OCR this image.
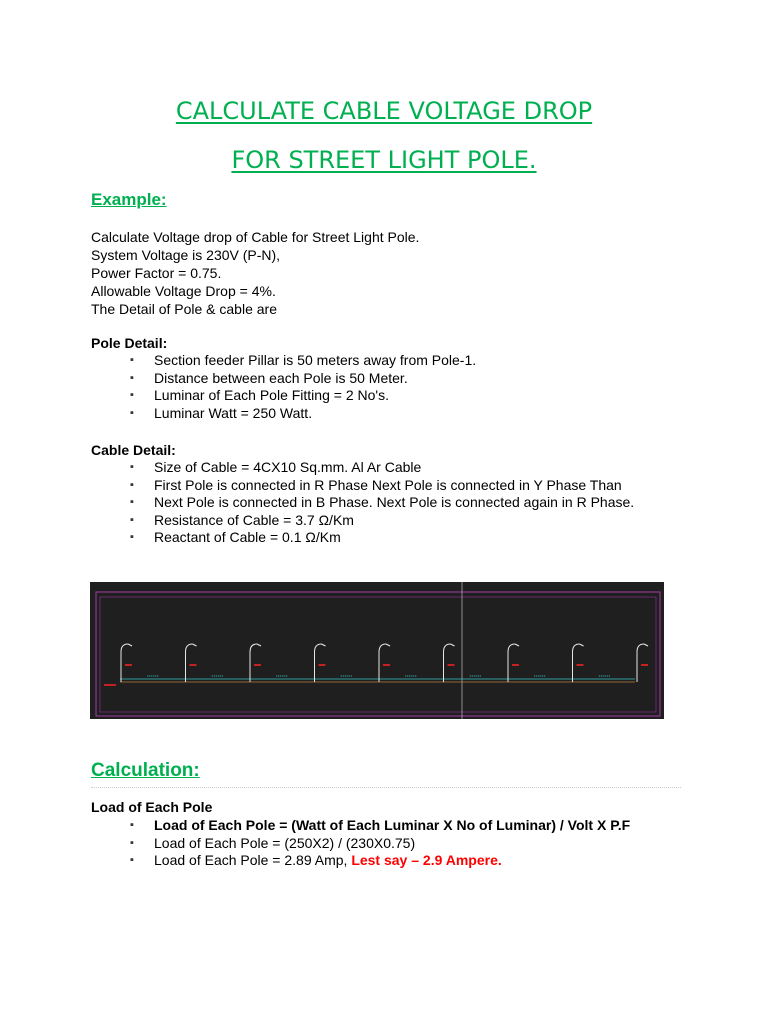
CALCULATE CABLE VOLTAGE DROP
FOR STREET LIGHT POLE.
Example:
Calculate Voltage drop of Cable for Street Light Pole.
System Voltage is 230V (P-N),
Power Factor = 0.75.
Allowable Voltage Drop = 4%.
The Detail of Pole & cable are
Pole Detail:
▪ Section feeder Pillar is 50 meters away from Pole-1.
▪ Distance between each Pole is 50 Meter.
▪ Luminar of Each Pole Fitting = 2 No's.
▪ Luminar Watt = 250 Watt.
Cable Detail:
▪ Size of Cable = 4CX10 Sq.mm. Al Ar Cable
▪ First Pole is connected in R Phase Next Pole is connected in Y Phase Than
▪ Next Pole is connected in B Phase. Next Pole is connected again in R Phase.
▪ Resistance of Cable = 3.7 Ω/Km
▪ Reactant of Cable = 0.1 Ω/Km
Calculation:
Load of Each Pole
▪ Load of Each Pole = (Watt of Each Luminar X No of Luminar) / Volt X P.F
▪ Load of Each Pole = (250X2) / (230X0.75)
▪ Load of Each Pole = 2.89 Amp, Lest say – 2.9 Ampere.
